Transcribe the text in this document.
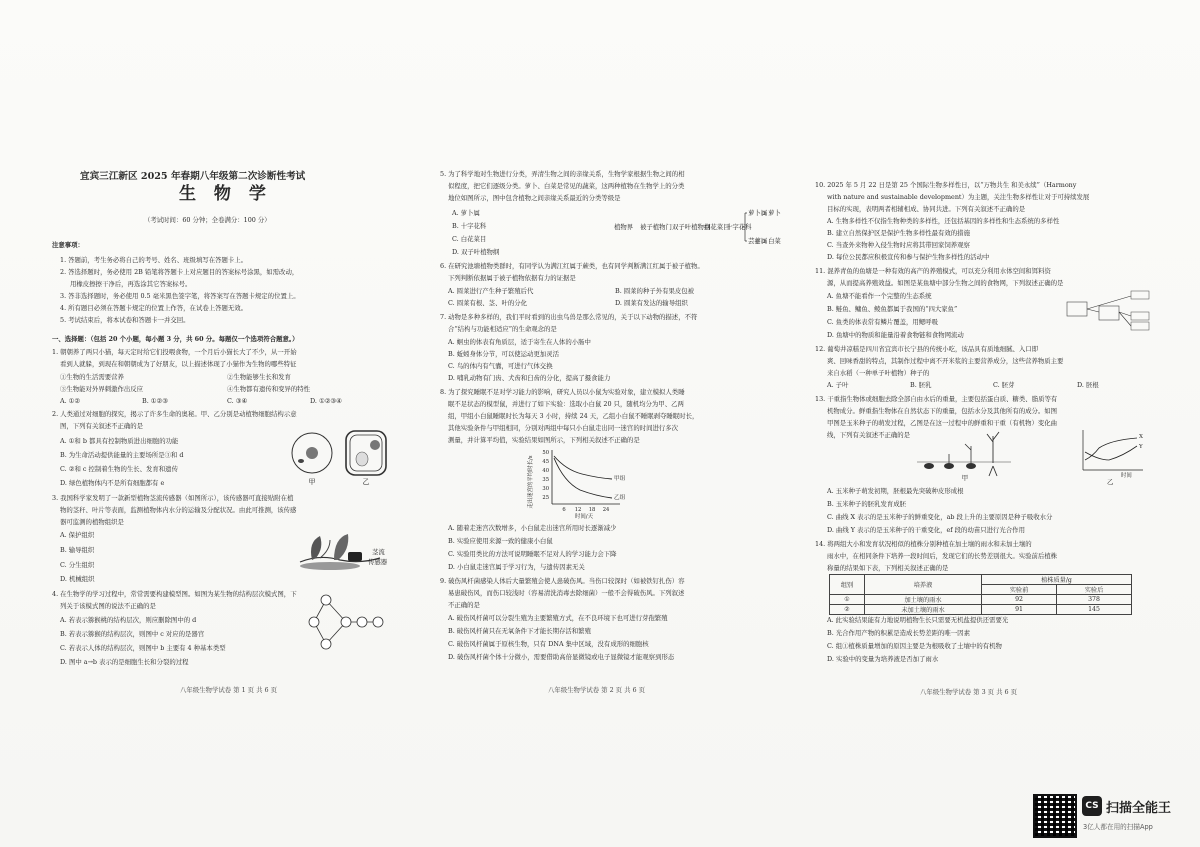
宜宾三江新区 2025 年春期八年级第二次诊断性考试
生 物 学
（考试时间：60 分钟；全卷满分：100 分）
注意事项：
1. 答题前，考生务必将自己的考号、姓名、班级填写在答题卡上。
2. 答选择题时，务必使用 2B 铅笔将答题卡上对应题目的答案标号涂黑，如需改动，
用橡皮擦擦干净后，再选涂其它答案标号。
3. 答非选择题时，务必使用 0.5 毫米黑色签字笔，将答案写在答题卡规定的位置上。
4. 所有题目必须在答题卡规定的位置上作答，在试卷上答题无效。
5. 考试结束后，将本试卷和答题卡一并交回。
一、选择题：（包括 20 个小题，每小题 3 分，共 60 分。每题仅一个选项符合题意。）
1. 朝朝养了两只小猫，每天定时给它们投喂食物，一个月后小猫长大了不少，从一开始
看到人就躲，到现在和朝朝成为了好朋友，以上描述体现了小猫作为生物的哪些特征
①生物的生活需要营养	②生物能够生长和发育
③生物能对外界刺激作出反应	④生物都有遗传和变异的特性
A. ①②	B. ①②③	C. ③④	D. ①②③④
2. 人类通过对细胞的探究，揭示了许多生命的奥秘。甲、乙分别是动植物细胞结构示意
图，下列有关叙述不正确的是
A. ①和 b 都具有控制物质进出细胞的功能
B. 为生命活动提供能量的主要场所是③和 d
C. ②和 c 控制着生物的生长、发育和遗传
D. 绿色植物体内不是所有细胞都有 e	甲	乙
3. 我国科学家发明了一款新型植物茎流传感器（如图所示），该传感器可直接贴附在植
物的茎秆、叶片等表面，监测植物体内水分的运输及分配状况。由此可推测，该传感
器可监测的植物组织是
A. 保护组织
B. 输导组织
C. 分生组织
D. 机械组织
茎流
传感器
4. 在生物学的学习过程中，常常需要构建模型图。如图为某生物的结构层次模式图，下
列关于该模式图的说法不正确的是
A. 若表示猕猴桃的结构层次，则应删除图中的 d
B. 若表示猕猴的结构层次，则图中 c 对应的是器官
C. 若表示人体的结构层次，则图中 b 主要有 4 种基本类型
D. 图中 a→b 表示的是细胞生长和分裂的过程
八年级生物学试卷 第 1 页 共 6 页
5. 为了科学地对生物进行分类，弄清生物之间的亲缘关系，生物学家根据生物之间的相
似程度，把它们逐级分类。萝卜、白菜是常见的蔬菜，这两种植物在生物学上的分类
地位如图所示，图中包含植物之间亲缘关系最近的分类等级是
A. 萝卜属
B. 十字花科
C. 白花菜目
D. 双子叶植物纲
植物界 被子植物门 双子叶植物纲
白花菜目
十字花科
萝卜属
芸薹属
萝卜
白菜
6. 在研究池塘植物类群时，有同学认为满江红属于蕨类，也有同学判断满江红属于被子植物。
下列判断依据属于被子植物依据有力的证据是
A. 圆莱进行产生种子繁殖后代	B. 圆莱的种子外有果皮包被
C. 圆莱有根、茎、叶的分化	D. 圆莱有发达的输导组织
7. 动物是多种多样的，我们平时看到的出虫鸟兽是那么常见的，关于以下动物的描述，不符
合“结构与功能相适应”的生命观念的是
A. 蛔虫的体表有角质层，适于寄生在人体的小肠中
B. 蚯蚓身体分节，可以使运动更加灵活
C. 鸟的体内有气囊，可进行气体交换
D. 哺乳动物有门齿、犬齿和臼齿的分化，提高了摄食能力
8. 为了探究睡眠不足对学习能力的影响，研究人员以小鼠为实验对象，建立模拟人类睡
眠不足状态的模型鼠，并进行了如下实验：选取小白鼠 20 只，随机均分为甲、乙两
组，甲组小白鼠睡眠时长为每天 3 小时，持续 24 天，乙组小白鼠不睡眠剥夺睡眠时长，
其他实验条件与甲组相同，分别对两组中每只小白鼠走出同一迷宫的时间进行多次
测量，并计算平均值，实验结果如图所示，下列相关叙述不正确的是
走出迷宫的平均时长/s
50
45
40
35
30
25
6 12 18 24
时间/天
甲组
乙组
A. 随着走迷宫次数增多，小白鼠走出迷宫所用时长逐渐减少
B. 实验应使用来源一致的健康小白鼠
C. 实验用类比的方法可说明睡眠不足对人的学习能力会下降
D. 小白鼠走迷宫属于学习行为，与遗传因素无关
9. 破伤风杆菌感染人体后大量繁殖会使人患破伤风。当伤口较深时（如被铁钉扎伤）容
易患破伤风，而伤口较浅时（容易清洗消毒去除细菌）一般不会得破伤风。下列叙述
不正确的是
A. 破伤风杆菌可以分裂生殖为主要繁殖方式，在不良环境下也可进行芽孢繁殖
B. 破伤风杆菌只在无氧条件下才能长期存活和繁殖
C. 破伤风杆菌属于原核生物，只有 DNA 集中区域，没有成形的细胞核
D. 破伤风杆菌个体十分微小，需要借助高倍显微镜或电子显微镜才能观察到形态
八年级生物学试卷 第 2 页 共 6 页
10. 2025 年 5 月 22 日是第 25 个国际生物多样性日，以“万物共生 和美永续”（Harmony
with nature and sustainable development）为主题，关注生物多样性让对于可持续发展
目标的实现，表明两者相辅相成、协同共进。下列有关叙述不正确的是
A. 生物多样性不仅指生物种类的多样性，还包括基因的多样性和生态系统的多样性
B. 建立自然保护区是保护生物多样性最有效的措施
C. 当查外来物种入侵生物时应将其带回家饲养观察
D. 每位公民都应积极宣传和参与保护生物多样性的活动中
11. 混养青鱼的鱼塘是一种有效的高产的养殖模式，可以充分利用水体空间和饵料资
源，从而提高养殖效益。如图是某鱼塘中部分生物之间的食物网，下列叙述正确的是
A. 鱼塘不能看作一个完整的生态系统
B. 鲢鱼、鳙鱼、鲮鱼都属于我国的“四大家鱼”
C. 鱼类的体表常有鳞片覆盖，用鳃呼吸
D. 鱼塘中的物质和能量沿着食物链和食物网流动
12. 葡萄井凉糕是四川省宜宾市长宁县的传统小吃，该品具有质地细腻、入口即
爽、回味香甜的特点，其制作过程中离不开米浆的主要营养成分，这些营养物质主要
来自水稻（一种单子叶植物）种子的
A. 子叶	B. 胚乳	C. 胚芽	D. 胚根
13. 干重指生物体或细胞去除全部自由水后的重量，主要包括蛋白质、糖类、脂质等有
机物成分。鲜重指生物体在自然状态下的重量，包括水分及其他所有的成分。如图
甲图是玉米种子的萌发过程，乙图是在这一过程中的鲜重和干重（有机物）变化曲
线，下列有关叙述不正确的是
甲
X
Y
时间
乙
A. 玉米种子萌发初期，胚根最先突破种皮形成根
B. 玉米种子的胚乳发育成胚
C. 曲线 X 表示的是玉米种子的鲜重变化，ab 段上升的主要原因是种子吸收水分
D. 曲线 Y 表示的是玉米种子的干重变化，ef 段的幼苗只进行光合作用
14. 将两组大小和发育状况相似的植株分别种植在加土壤的雨水和未加土壤的
雨水中，在相同条件下培养一段时间后，发现它们的长势差别很大。实验前后植株
称量的结果如下表，下列相关叙述正确的是
组别	培养液	植株质量/g	
		实验前	实验后
①	加土壤的雨水	92	378
②	未加土壤的雨水	91	145
A. 此实验结果能有力地说明植物生长只需要无机盐提供还需要光
B. 光合作用产物的积累是造成长势差距的唯一因素
C. 组①植株质量增加的原因主要是为根吸收了土壤中的有机物
D. 实验中的变量为培养液是否加了雨水
八年级生物学试卷 第 3 页 共 6 页
CS 扫描全能王
3亿人都在用的扫描App
